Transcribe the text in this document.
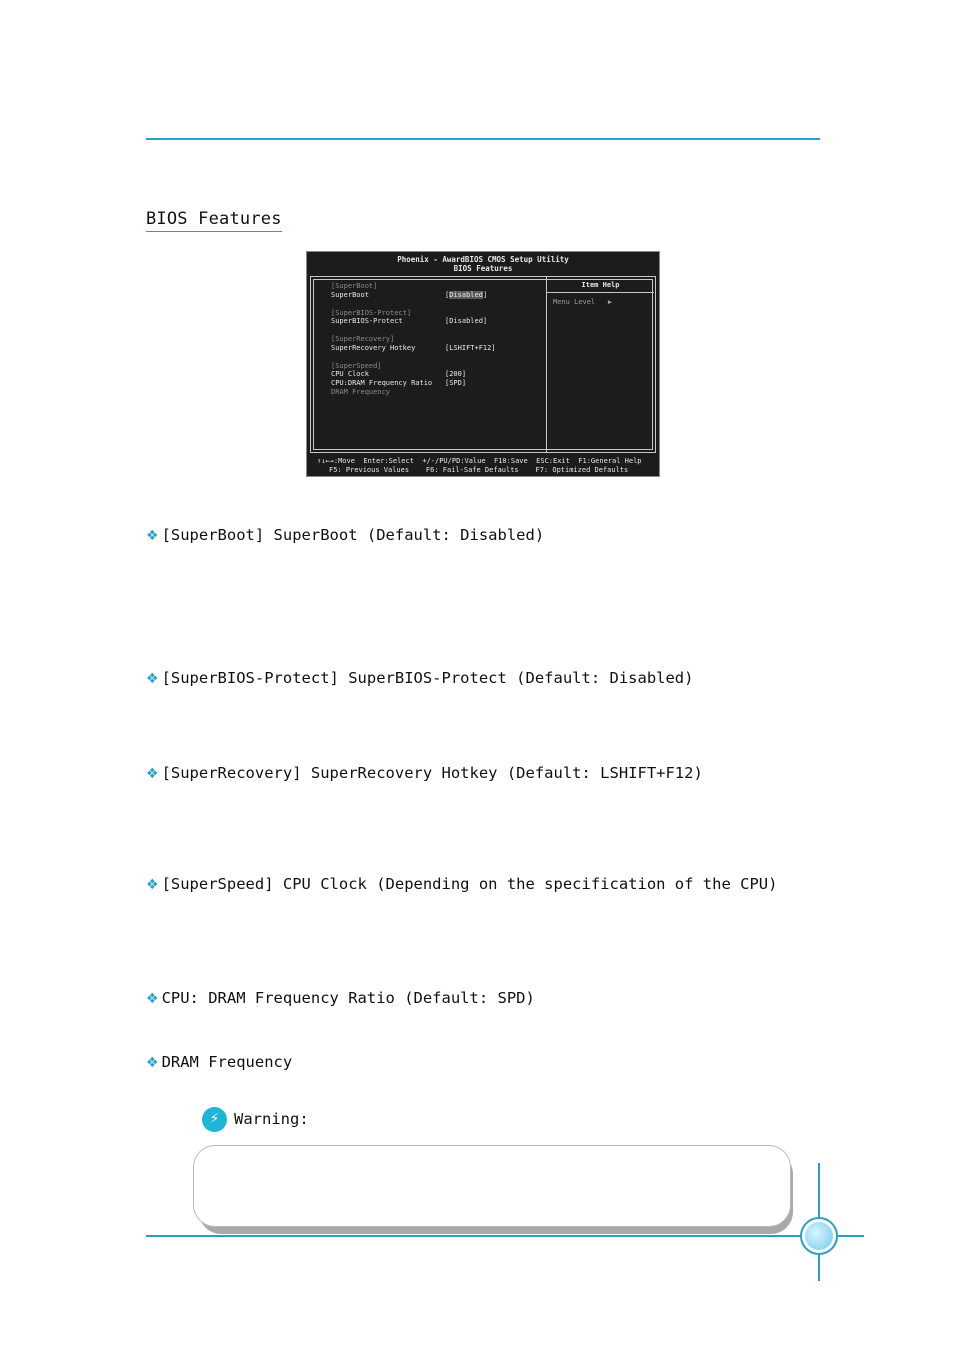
BIOS Features
Phoenix - AwardBIOS CMOS Setup Utility
BIOS Features
Item Help
Menu Level ▶
[SuperBoot]
SuperBoot	[Disabled]
[SuperBIOS-Protect]
SuperBIOS-Protect	[Disabled]
[SuperRecovery]
SuperRecovery Hotkey	[LSHIFT+F12]
[SuperSpeed]
CPU Clock	[200]
CPU:DRAM Frequency Ratio [SPD]
DRAM Frequency
↑↓←→:Move  Enter:Select  +/-/PU/PD:Value  F10:Save  ESC:Exit  F1:General Help
F5: Previous Values    F6: Fail-Safe Defaults    F7: Optimized Defaults
❖ [SuperBoot] SuperBoot (Default: Disabled)
❖ [SuperBIOS-Protect] SuperBIOS-Protect (Default: Disabled)
❖ [SuperRecovery] SuperRecovery Hotkey (Default: LSHIFT+F12)
❖ [SuperSpeed] CPU Clock (Depending on the specification of the CPU)
❖ CPU: DRAM Frequency Ratio (Default: SPD)
❖ DRAM Frequency
⚡ Warning:
